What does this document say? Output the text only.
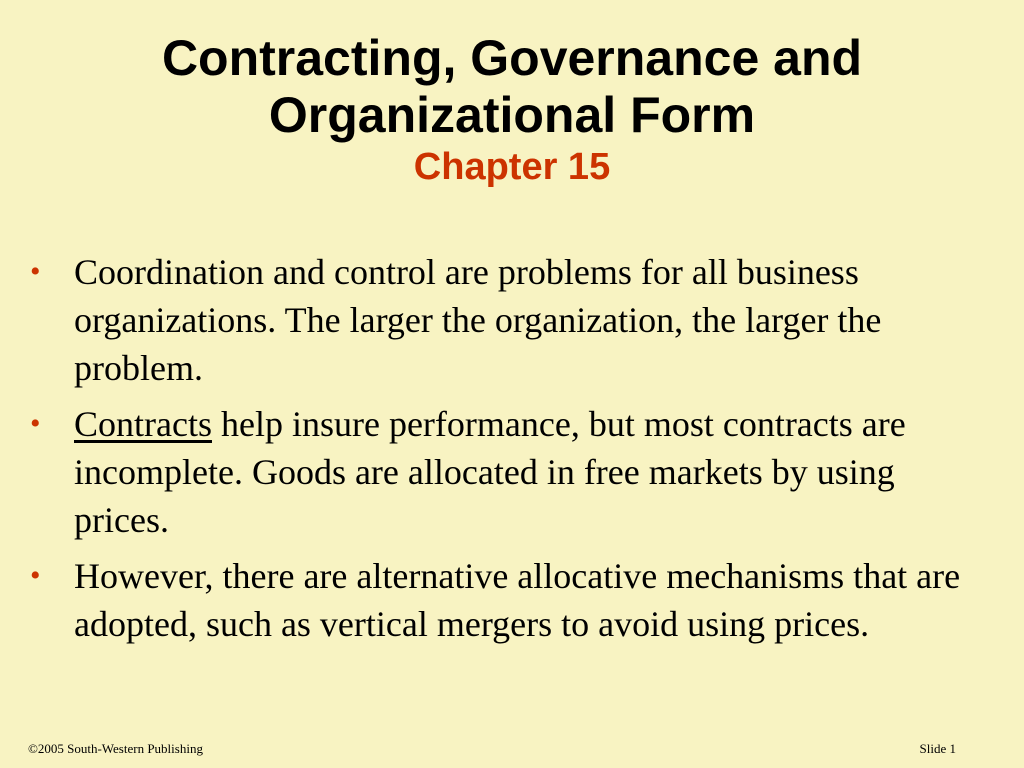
Contracting, Governance and
Organizational Form
Chapter 15
• Coordination and control are problems for all business organizations. The larger the organization, the larger the problem.
• Contracts help insure performance, but most contracts are incomplete. Goods are allocated in free markets by using prices.
• However, there are alternative allocative mechanisms that are adopted, such as vertical mergers to avoid using prices.
©2005 South-Western Publishing	Slide 1
